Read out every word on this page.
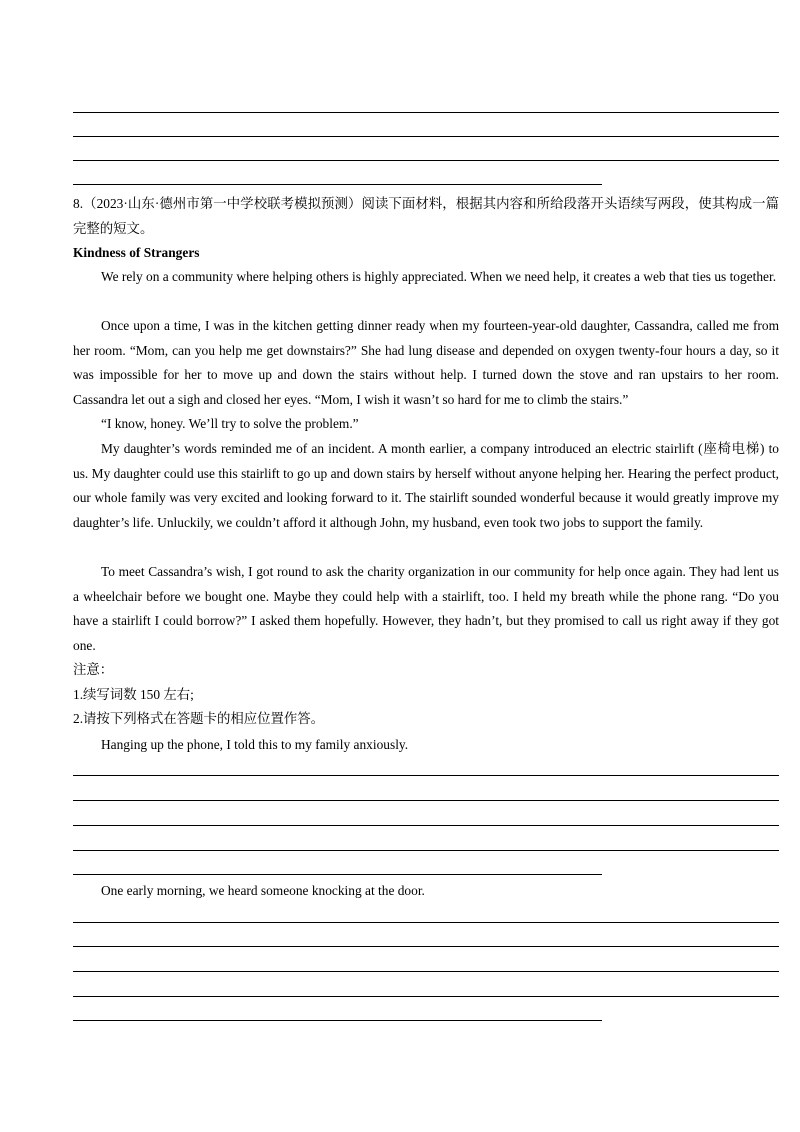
8.（2023·山东·德州市第一中学校联考模拟预测）阅读下面材料，根据其内容和所给段落开头语续写两段，使其构成一篇完整的短文。

Kindness of Strangers

We rely on a community where helping others is highly appreciated. When we need help, it creates a web that ties us together.

Once upon a time, I was in the kitchen getting dinner ready when my fourteen-year-old daughter, Cassandra, called me from her room. “Mom, can you help me get downstairs?” She had lung disease and depended on oxygen twenty-four hours a day, so it was impossible for her to move up and down the stairs without help. I turned down the stove and ran upstairs to her room. Cassandra let out a sigh and closed her eyes. “Mom, I wish it wasn’t so hard for me to climb the stairs.”

“I know, honey. We’ll try to solve the problem.”

My daughter’s words reminded me of an incident. A month earlier, a company introduced an electric stairlift (座椅电梯) to us. My daughter could use this stairlift to go up and down stairs by herself without anyone helping her. Hearing the perfect product, our whole family was very excited and looking forward to it. The stairlift sounded wonderful because it would greatly improve my daughter’s life. Unluckily, we couldn’t afford it although John, my husband, even took two jobs to support the family.

To meet Cassandra’s wish, I got round to ask the charity organization in our community for help once again. They had lent us a wheelchair before we bought one. Maybe they could help with a stairlift, too. I held my breath while the phone rang. “Do you have a stairlift I could borrow?” I asked them hopefully. However, they hadn’t, but they promised to call us right away if they got one.

注意：

1.续写词数 150 左右;

2.请按下列格式在答题卡的相应位置作答。

Hanging up the phone, I told this to my family anxiously.

One early morning, we heard someone knocking at the door.
